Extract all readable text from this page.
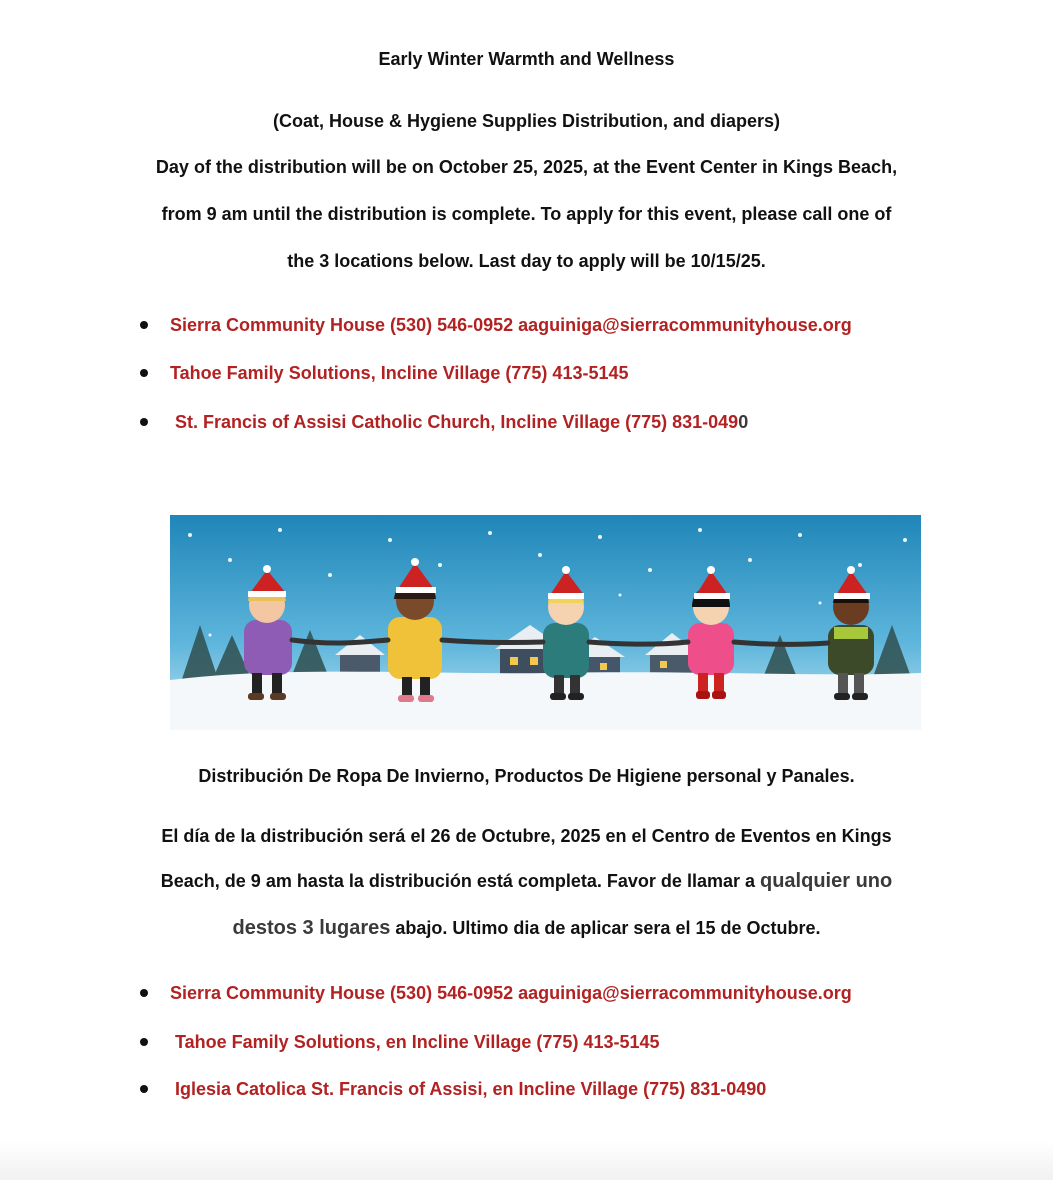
Early Winter Warmth and Wellness
(Coat, House & Hygiene Supplies Distribution, and diapers)
Day of the distribution will be on October 25, 2025, at the Event Center in Kings Beach,
from 9 am until the distribution is complete. To apply for this event, please call one of
the 3 locations below. Last day to apply will be 10/15/25.
Sierra Community House (530) 546-0952 aaguiniga@sierracommunityhouse.org
Tahoe Family Solutions, Incline Village (775) 413-5145
St. Francis of Assisi Catholic Church, Incline Village (775) 831-0490
Distribución De Ropa De Invierno, Productos De Higiene personal y Panales.
El día de la distribución será el 26 de Octubre, 2025 en el Centro de Eventos en Kings
Beach, de 9 am hasta la distribución está completa. Favor de llamar a qualquier uno
destos 3 lugares abajo. Ultimo dia de aplicar sera el 15 de Octubre.
Sierra Community House (530) 546-0952 aaguiniga@sierracommunityhouse.org
Tahoe Family Solutions, en Incline Village (775) 413-5145
Iglesia Catolica St. Francis of Assisi, en Incline Village (775) 831-0490
